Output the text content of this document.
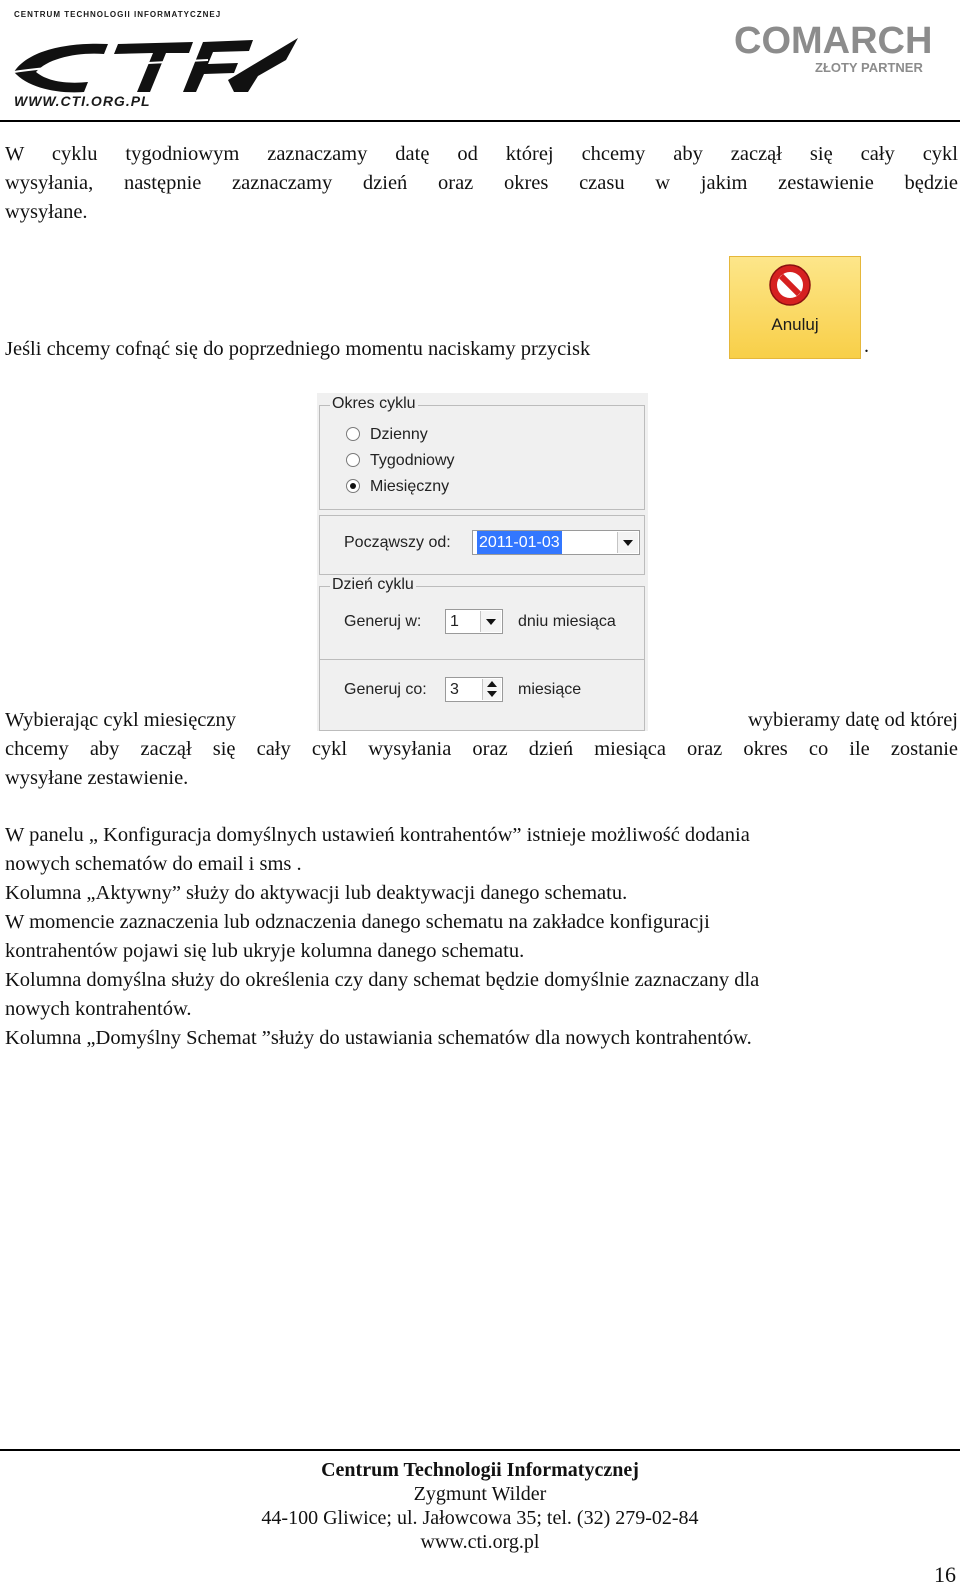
CENTRUM TECHNOLOGII INFORMATYCZNEJ
WWW.CTI.ORG.PL
COMARCH
ZŁOTY PARTNER
W cyklu tygodniowym zaznaczamy datę od której chcemy aby zaczął się cały cykl
wysyłania, następnie zaznaczamy dzień oraz okres czasu w jakim zestawienie będzie
wysyłane.
Jeśli chcemy cofnąć się do poprzedniego momentu naciskamy przycisk
Anuluj
.
Okres cyklu
Dzienny
Tygodniowy
Miesięczny
Począwszy od: 2011-01-03
Dzień cyklu
Generuj w: 1	dniu miesiąca
Generuj co: 3	miesiące
Wybierając cykl miesięczny	wybieramy datę od której
chcemy aby zaczął się cały cykl wysyłania oraz dzień miesiąca oraz okres co ile zostanie
wysyłane zestawienie.
W panelu „ Konfiguracja domyślnych ustawień kontrahentów” istnieje możliwość dodania
nowych schematów do email i sms .
Kolumna „Aktywny” służy do aktywacji lub deaktywacji danego schematu.
W momencie zaznaczenia lub odznaczenia danego schematu na zakładce konfiguracji
kontrahentów pojawi się lub ukryje kolumna danego schematu.
Kolumna domyślna służy do określenia czy dany schemat będzie domyślnie zaznaczany dla
nowych kontrahentów.
Kolumna „Domyślny Schemat ”służy do ustawiania schematów dla nowych kontrahentów.
Centrum Technologii Informatycznej
Zygmunt Wilder
44-100 Gliwice; ul. Jałowcowa 35; tel. (32) 279-02-84
www.cti.org.pl
16
